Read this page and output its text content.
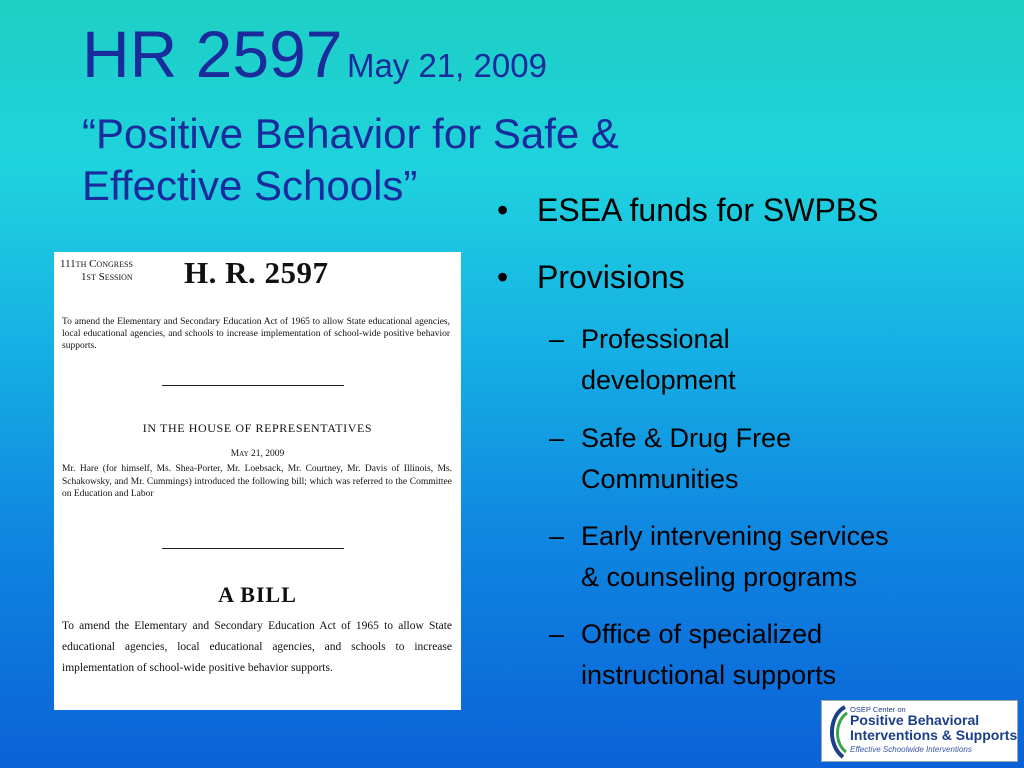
HR 2597 May 21, 2009
“Positive Behavior for Safe &
Effective Schools”
111th Congress
1st Session H. R. 2597
To amend the Elementary and Secondary Education Act of 1965 to allow State educational agencies, local educational agencies, and schools to increase implementation of school-wide positive behavior supports.
IN THE HOUSE OF REPRESENTATIVES
May 21, 2009
Mr. Hare (for himself, Ms. Shea-Porter, Mr. Loebsack, Mr. Courtney, Mr. Davis of Illinois, Ms. Schakowsky, and Mr. Cummings) introduced the following bill; which was referred to the Committee on Education and Labor
A BILL
To amend the Elementary and Secondary Education Act of 1965 to allow State educational agencies, local educational agencies, and schools to increase implementation of school-wide positive behavior supports.
• ESEA funds for SWPBS
• Provisions
– Professional
development
– Safe & Drug Free
Communities
– Early intervening services
& counseling programs
– Office of specialized
instructional supports
OSEP Center on
Positive Behavioral
Interventions & Supports
Effective Schoolwide Interventions
